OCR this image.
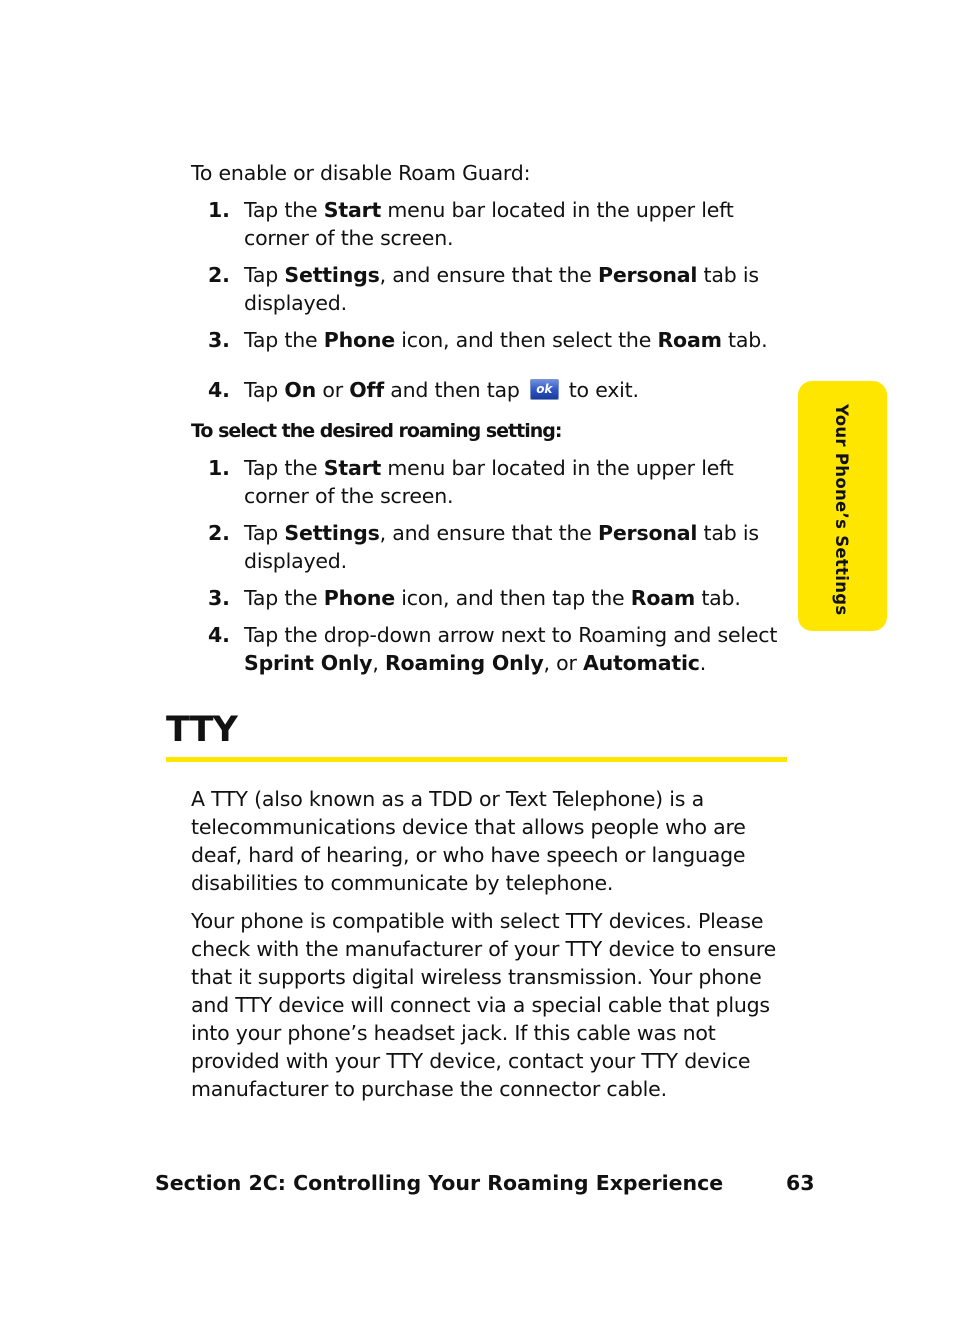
Your Phone’s Settings

To enable or disable Roam Guard:

1. Tap the Start menu bar located in the upper left corner of the screen.
2. Tap Settings, and ensure that the Personal tab is displayed.
3. Tap the Phone icon, and then select the Roam tab.
4. Tap On or Off and then tap ok to exit.

To select the desired roaming setting:

1. Tap the Start menu bar located in the upper left corner of the screen.
2. Tap Settings, and ensure that the Personal tab is displayed.
3. Tap the Phone icon, and then tap the Roam tab.
4. Tap the drop-down arrow next to Roaming and select Sprint Only, Roaming Only, or Automatic.
TTY

A TTY (also known as a TDD or Text Telephone) is a telecommunications device that allows people who are deaf, hard of hearing, or who have speech or language disabilities to communicate by telephone.

Your phone is compatible with select TTY devices. Please check with the manufacturer of your TTY device to ensure that it supports digital wireless transmission. Your phone and TTY device will connect via a special cable that plugs into your phone’s headset jack. If this cable was not provided with your TTY device, contact your TTY device manufacturer to purchase the connector cable.

Section 2C: Controlling Your Roaming Experience	63
